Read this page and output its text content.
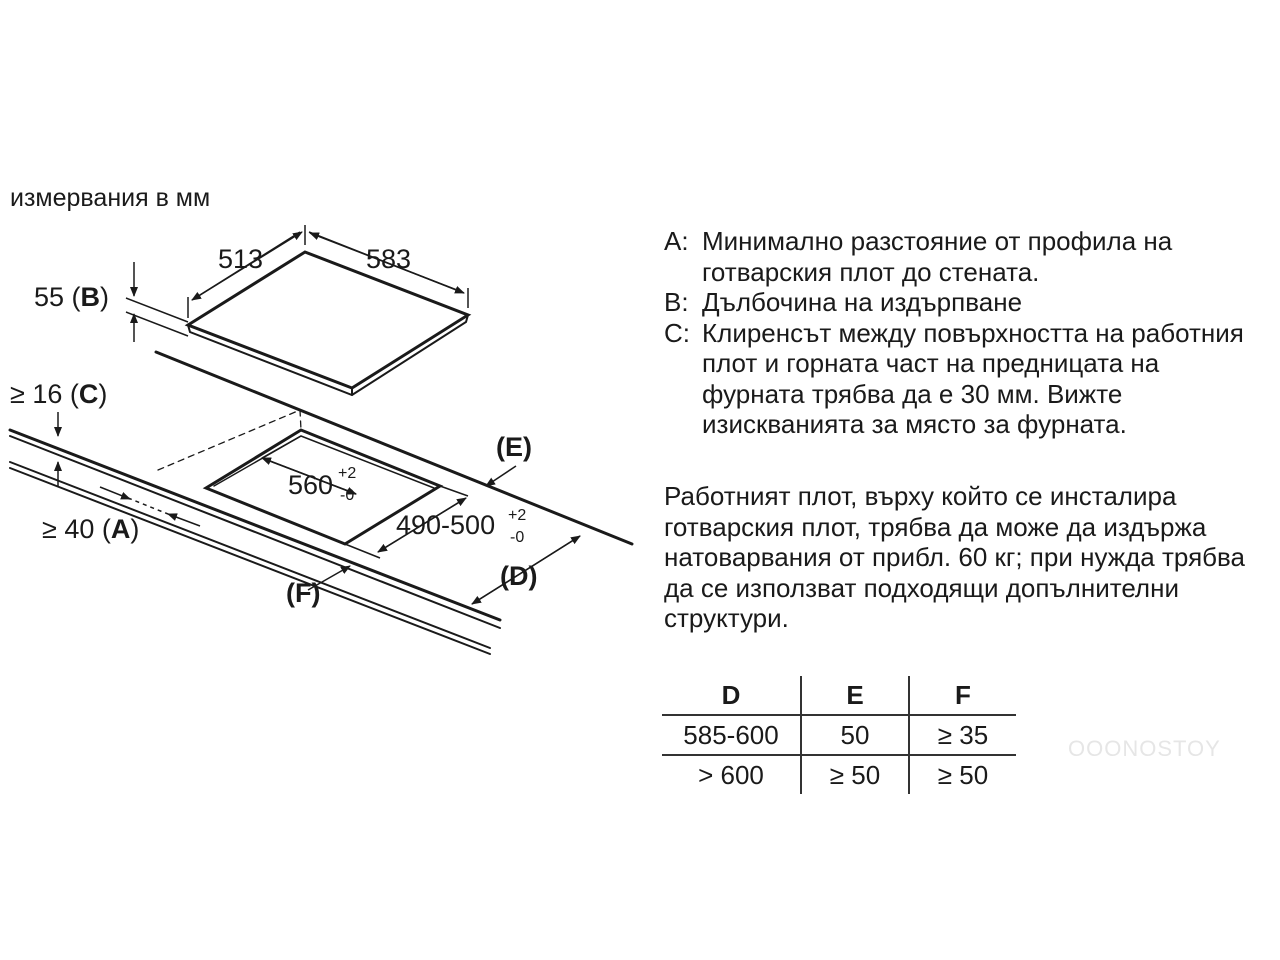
измервания в мм
513	583
55 (B)
≥ 16 (C)
≥ 40 (A)
560 +2
-0
490-500 +2
-0
(E)
(D)
(F)
A: Минимално разстояние от профила на готварския плот до стената.
B: Дълбочина на издърпване
C: Клиренсът между повърхността на работния плот и горната част на предницата на фурната трябва да е 30 мм. Вижте изискванията за място за фурната.
Работният плот, върху който се инсталира готварския плот, трябва да може да издържа натоварвания от прибл. 60 кг; при нужда трябва да се използват подходящи допълнителни структури.
D	E	F
585-600	50	≥ 35
> 600	≥ 50	≥ 50
OOONOSTOY
